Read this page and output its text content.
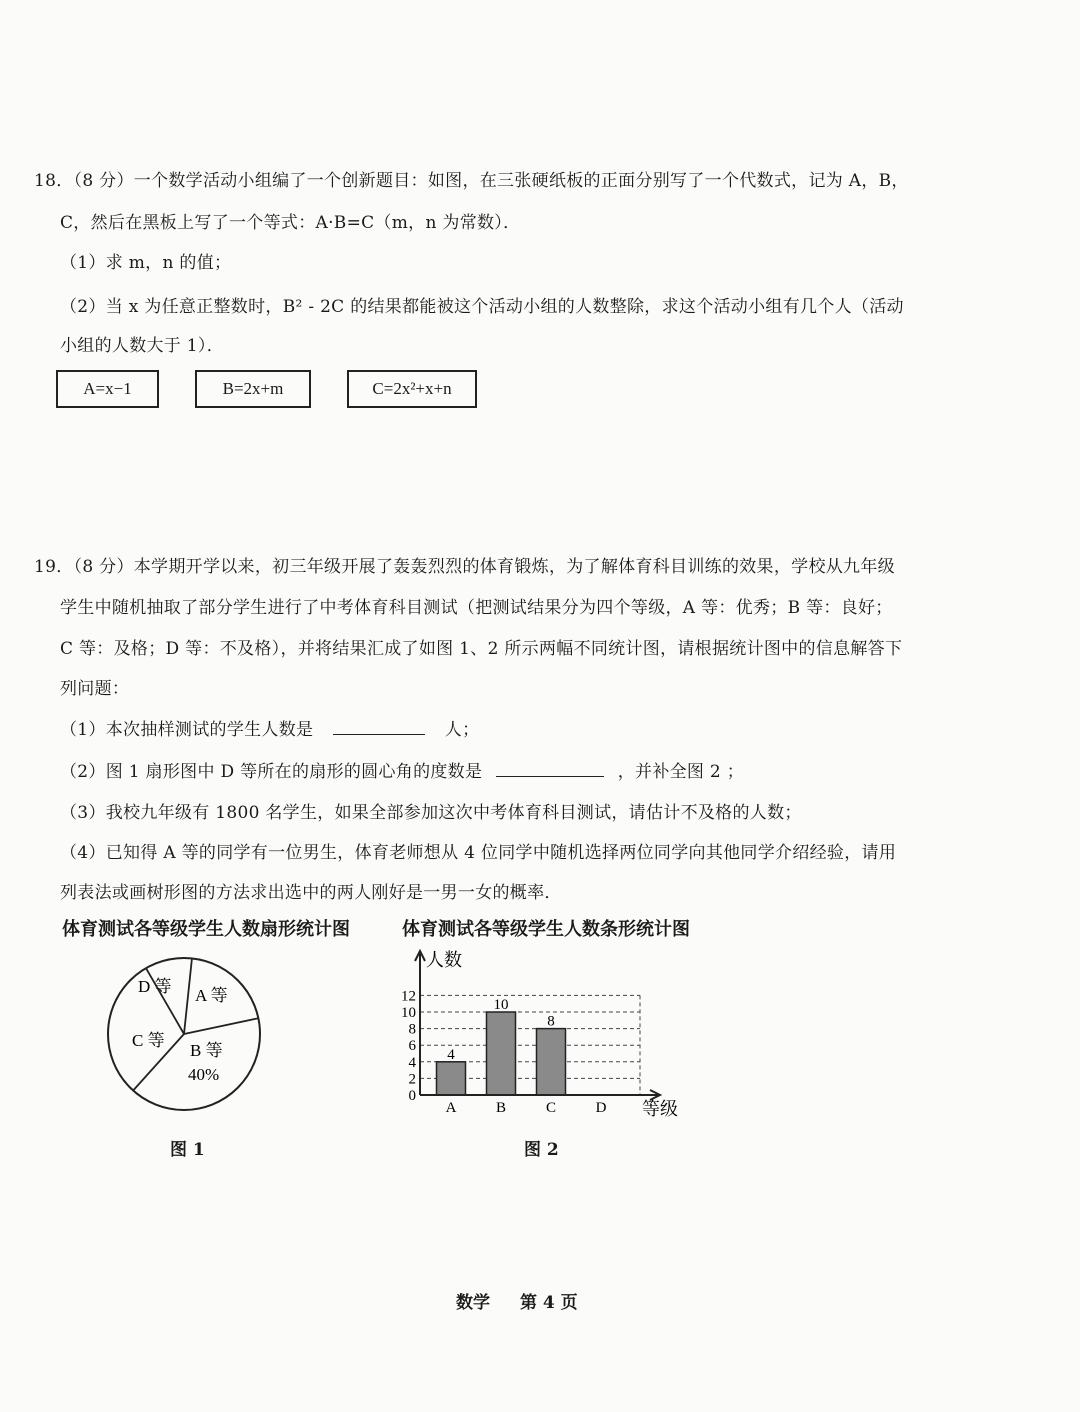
18．（8 分）一个数学活动小组编了一个创新题目：如图，在三张硬纸板的正面分别写了一个代数式，记为 A，B，
C，然后在黑板上写了一个等式：A·B=C（m，n 为常数）．
（1）求 m，n 的值；
（2）当 x 为任意正整数时，B² - 2C 的结果都能被这个活动小组的人数整除，求这个活动小组有几个人（活动
小组的人数大于 1）．
A=x−1	B=2x+m	C=2x²+x+n
19．（8 分）本学期开学以来，初三年级开展了轰轰烈烈的体育锻炼，为了解体育科目训练的效果，学校从九年级
学生中随机抽取了部分学生进行了中考体育科目测试（把测试结果分为四个等级，A 等：优秀；B 等：良好；
C 等：及格；D 等：不及格），并将结果汇成了如图 1、2 所示两幅不同统计图，请根据统计图中的信息解答下
列问题：
（1）本次抽样测试的学生人数是	人；
（2）图 1 扇形图中 D 等所在的扇形的圆心角的度数是	，并补全图 2 ；
（3）我校九年级有 1800 名学生，如果全部参加这次中考体育科目测试，请估计不及格的人数；
（4）已知得 A 等的同学有一位男生，体育老师想从 4 位同学中随机选择两位同学向其他同学介绍经验，请用
列表法或画树形图的方法求出选中的两人刚好是一男一女的概率．
体育测试各等级学生人数扇形统计图	体育测试各等级学生人数条形统计图
D 等 A 等
C 等
B 等
40%
0
2
4
6
8
10
12
4
10
8
A	B	C	D
人数
等级
图 1	图 2
数学 第 4 页
